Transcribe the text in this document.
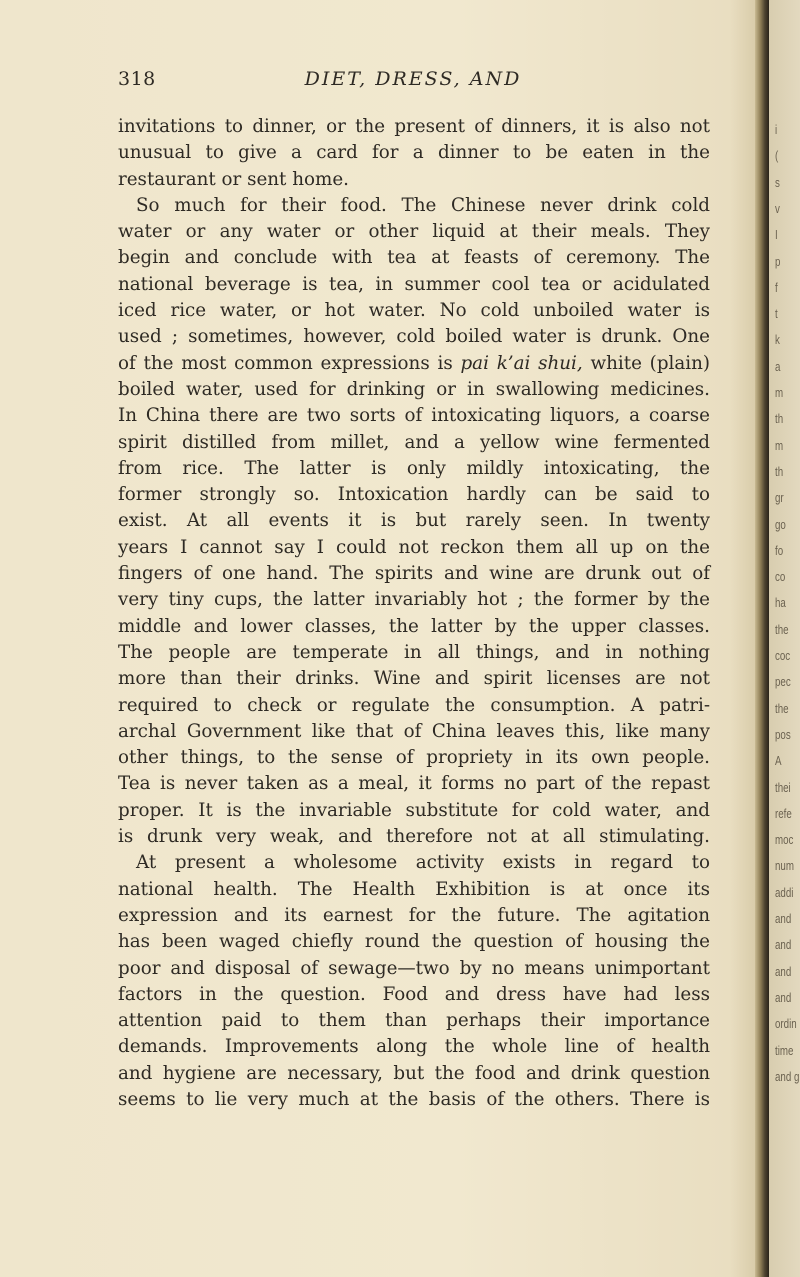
318	DIET, DRESS, AND
invitations to dinner, or the present of dinners, it is also not
unusual to give a card for a dinner to be eaten in the
restaurant or sent home.
So much for their food. The Chinese never drink cold
water or any water or other liquid at their meals. They
begin and conclude with tea at feasts of ceremony. The
national beverage is tea, in summer cool tea or acidulated
iced rice water, or hot water. No cold unboiled water is
used ; sometimes, however, cold boiled water is drunk. One
of the most common expressions is pai k’ai shui, white (plain)
boiled water, used for drinking or in swallowing medicines.
In China there are two sorts of intoxicating liquors, a coarse
spirit distilled from millet, and a yellow wine fermented
from rice. The latter is only mildly intoxicating, the
former strongly so. Intoxication hardly can be said to
exist. At all events it is but rarely seen. In twenty
years I cannot say I could not reckon them all up on the
fingers of one hand. The spirits and wine are drunk out of
very tiny cups, the latter invariably hot ; the former by the
middle and lower classes, the latter by the upper classes.
The people are temperate in all things, and in nothing
more than their drinks. Wine and spirit licenses are not
required to check or regulate the consumption. A patri-
archal Government like that of China leaves this, like many
other things, to the sense of propriety in its own people.
Tea is never taken as a meal, it forms no part of the repast
proper. It is the invariable substitute for cold water, and
is drunk very weak, and therefore not at all stimulating.
At present a wholesome activity exists in regard to
national health. The Health Exhibition is at once its
expression and its earnest for the future. The agitation
has been waged chiefly round the question of housing the
poor and disposal of sewage—two by no means unimportant
factors in the question. Food and dress have had less
attention paid to them than perhaps their importance
demands. Improvements along the whole line of health
and hygiene are necessary, but the food and drink question
seems to lie very much at the basis of the others. There is
i
(
s
v
I
p
f
t
k
a
m
th
m
th
gr
go
fo
co
ha
the
coc
pec
the
pos
A
thei
refe
moc
num
addi
and
and
and
and
ordin
time
and g
